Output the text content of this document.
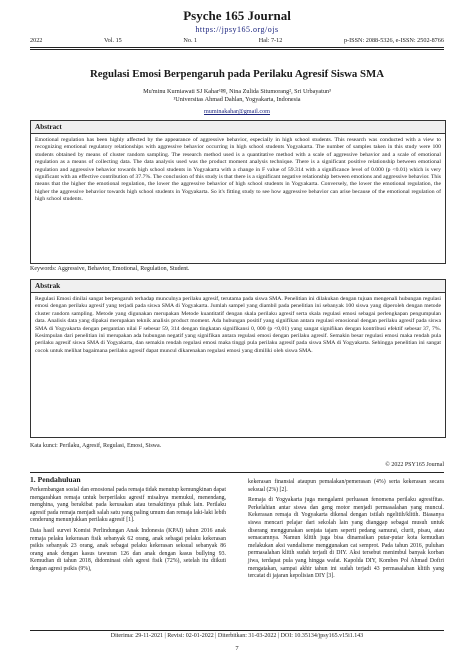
Psyche 165 Journal
https://jpsy165.org/ojs
2022	Vol. 15	No. 1	Hal: 7-12	p-ISSN: 2088-5326, e-ISSN: 2502-8766
Regulasi Emosi Berpengaruh pada Perilaku Agresif Siswa SMA
Mu'minu Kurniawati SJ Kahar¹✉, Nina Zulida Situmorang², Sri Urbayatun³
¹Universitas Ahmad Dahlan, Yogyakarta, Indonesia
muminakahar@gmail.com
Abstract
Emotional regulation has been highly affected by the appearance of aggressive behavior, especially in high school students. This research was conducted with a view to recognizing emotional regulatory relationships with aggressive behavior occurring in high school students Yogyakarta. The number of samples taken in this study were 100 students obtained by means of cluster random sampling. The research method used is a quantitative method with a scale of aggressive behavior and a scale of emotional regulation as a means of collecting data. The data analysis used was the product moment analysis technique. There is a significant positive relationship between emotional regulation and aggressive behavior towards high school students in Yogyakarta with a change in F value of 59.314 with a significance level of 0.000 (p <0.01) which is very significant with an effective contribution of 37.7%. The conclusion of this study is that there is a significant negative relationship between emotions and aggressive behavior. This means that the higher the emotional regulation, the lower the aggressive behavior of high school students in Yogyakarta. Conversely, the lower the emotional regulation, the higher the aggressive behavior towards high school students in Yogyakarta. So it's fitting study to see how aggressive behavior can arise because of the emotional regulation of high school students.
Keywords: Aggressive, Behavior, Emotional, Regulation, Student.
Abstrak
Regulasi Emosi dinilai sangat berpengaruh terhadap munculnya perilaku agresif, terutama pada siswa SMA. Penelitian ini dilakukan dengan tujuan mengenali hubungan regulasi emosi dengan perilaku agresif yang terjadi pada siswa SMA di Yogyakarta. Jumlah sampel yang diambil pada penelitian ini sebanyak 100 siswa yang diperoleh dengan metode cluster random sampling. Metode yang digunakan merupakan Metode kuantitatif dengan skala perilaku agresif serta skala regulasi emosi sebagai perlengkapan pengumpulan data. Analisis data yang dipakai merupakan teknik analisis product moment. Ada hubungan positif yang signifikan antara regulasi emosional dengan perilaku agresif pada siswa SMA di Yogyakarta dengan pergantian nilai F sebesar 59, 314 dengan tingkatan signifikansi 0, 000 (p <0,01) yang sangat signifikan dengan kontribusi efektif sebesar 37, 7%. Kesimpulan dari penelitian ini merupakan ada hubungan negatif yang signifikan antara regulasi emosi dengan perilaku agresif. Semakin besar regulasi emosi maka rendah pula perilaku agresif siswa SMA di Yogyakarta, dan semakin rendah regulasi emosi maka tinggi pula perilaku agresif pada siswa SMA di Yogyakarta. Sehingga penelitian ini sangat cocok untuk melihat bagaimana perilaku agresif dapat muncul dikarenakan regulasi emosi yang dimiliki oleh siswa SMA.
Kata kunci: Perilaku, Agresif, Regulasi, Emosi, Siswa.
© 2022 PSY165 Journal
1. Pendahuluan

Perkembangan sosial dan emosional pada remaja tidak menutup kemungkinan dapat mengarahkan remaja untuk berperilaku agresif misalnya memukul, menendang, menghina, yang berakibat pada kerusakan atau tersakitinya pihak lain. Perilaku agresif pada remaja menjadi salah satu yang paling umum dan remaja laki-laki lebih cenderung menunjukkan perilaku agresif [1].

Data hasil survei Komisi Perlindungan Anak Indonesia (KPAI) tahun 2016 anak remaja pelaku kekerasan fisik sebanyak 62 orang, anak sebagai pelaku kekerasan psikis sebanyak 23 orang, anak sebagai pelaku kekerasan seksual sebanyak 86 orang anak dengan kasus tawuran 126 dan anak dengan kasus bullying 93. Kemudian di tahun 2018, didominasi oleh agresi fisik (72%), setelah itu diikuti dengan agresi psikis (9%),

kekerasan finansial ataupun pemalakan/pemerasan (4%) serta kekerasan secara seksual (2%) [2].

Remaja di Yogyakarta juga mengalami perluasan fenomena perilaku agresifitas. Perkelahian antar siswa dan geng motor menjadi permasalahan yang muncul. Kekerasan remaja di Yogyakarta dikenal dengan istilah ngelitih/klitih. Biasanya siswa mencari pelajar dari sekolah lain yang dianggap sebagai musuh untuk diserang menggunakan senjata tajam seperti pedang samurai, clurit, pisau, atau semacamnya. Namun klitih juga bisa dinamsikan putar-putar kota kemudian melakukan aksi vandalisme menggunakan cat semprot. Pada tahun 2016, puluhan permasalahan klitih sudah terjadi di DIY. Aksi tersebut menimbul banyak korban jiwa, terdapat pula yang hingga wafat. Kapolda DIY, Kombes Pol Ahmad Dofiri mengatakan, sampai akhir tahun ini sudah terjadi 43 permasalahan klitih yang tercatat di jajaran kepolisian DIY [3].

Diterima: 29-11-2021 | Revisi: 02-01-2022 | Diterbitkan: 31-03-2022 | DOI: 10.35134/jpsy165.v15i1.143
7
